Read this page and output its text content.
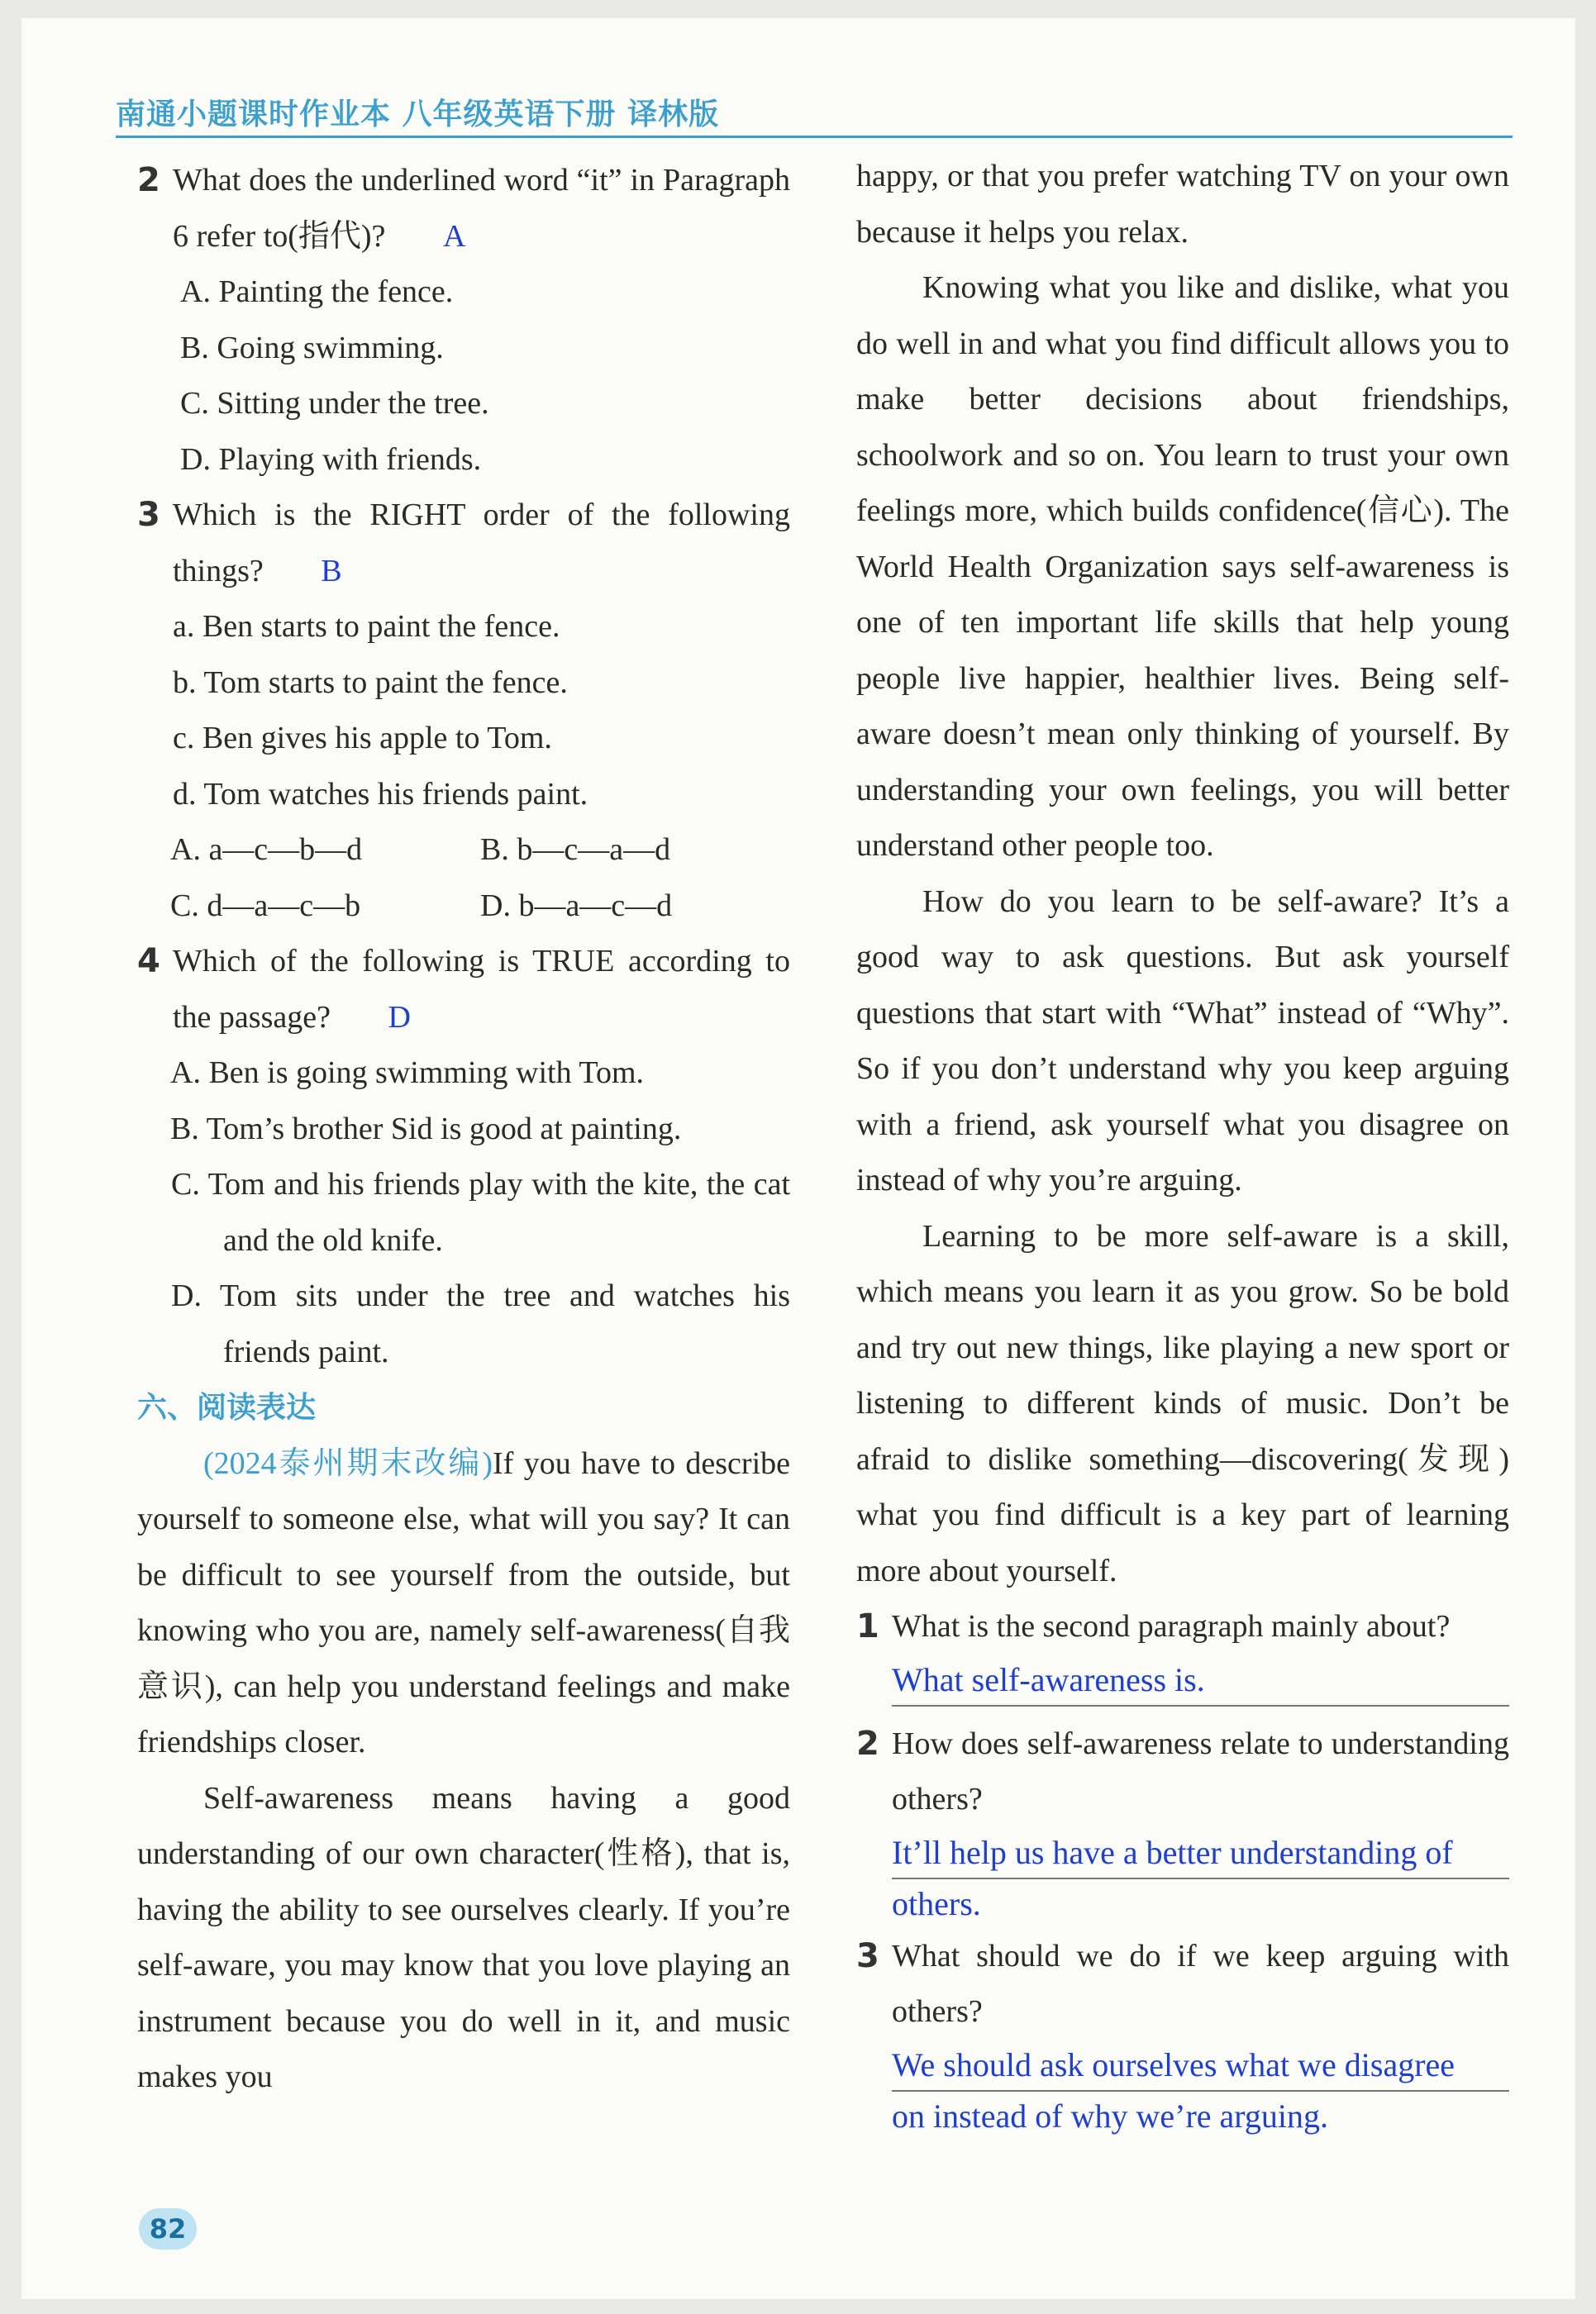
南通小题课时作业本 八年级英语下册 译林版
2 What does the underlined word “it” in Paragraph 6 refer to(指代)? A

A. Painting the fence.

B. Going swimming.

C. Sitting under the tree.

D. Playing with friends.

3 Which is the RIGHT order of the following things? B

a. Ben starts to paint the fence.

b. Tom starts to paint the fence.

c. Ben gives his apple to Tom.

d. Tom watches his friends paint.

A. a—c—b—d	B. b—c—a—d
C. d—a—c—b	D. b—a—c—d
4 Which of the following is TRUE according to the passage? D

A. Ben is going swimming with Tom.

B. Tom’s brother Sid is good at painting.

C. Tom and his friends play with the kite, the cat and the old knife.

D. Tom sits under the tree and watches his friends paint.

六、阅读表达

(2024泰州期末改编)If you have to describe yourself to someone else, what will you say? It can be difficult to see yourself from the outside, but knowing who you are, namely self-awareness(自我意识), can help you understand feelings and make friendships closer.

Self-awareness means having a good understanding of our own character(性格), that is, having the ability to see ourselves clearly. If you’re self-aware, you may know that you love playing an instrument because you do well in it, and music makes you

happy, or that you prefer watching TV on your own because it helps you relax.

Knowing what you like and dislike, what you do well in and what you find difficult allows you to make better decisions about friendships, schoolwork and so on. You learn to trust your own feelings more, which builds confidence(信心). The World Health Organization says self-awareness is one of ten important life skills that help young people live happier, healthier lives. Being self-aware doesn’t mean only thinking of yourself. By understanding your own feelings, you will better understand other people too.

How do you learn to be self-aware? It’s a good way to ask questions. But ask yourself questions that start with “What” instead of “Why”. So if you don’t understand why you keep arguing with a friend, ask yourself what you disagree on instead of why you’re arguing.

Learning to be more self-aware is a skill, which means you learn it as you grow. So be bold and try out new things, like playing a new sport or listening to different kinds of music. Don’t be afraid to dislike something—discovering(发现) what you find difficult is a key part of learning more about yourself.

1 What is the second paragraph mainly about?
What self-awareness is.
2 How does self-awareness relate to understanding others?
It’ll help us have a better understanding of
others.
3 What should we do if we keep arguing with others?
We should ask ourselves what we disagree
on instead of why we’re arguing.
82
